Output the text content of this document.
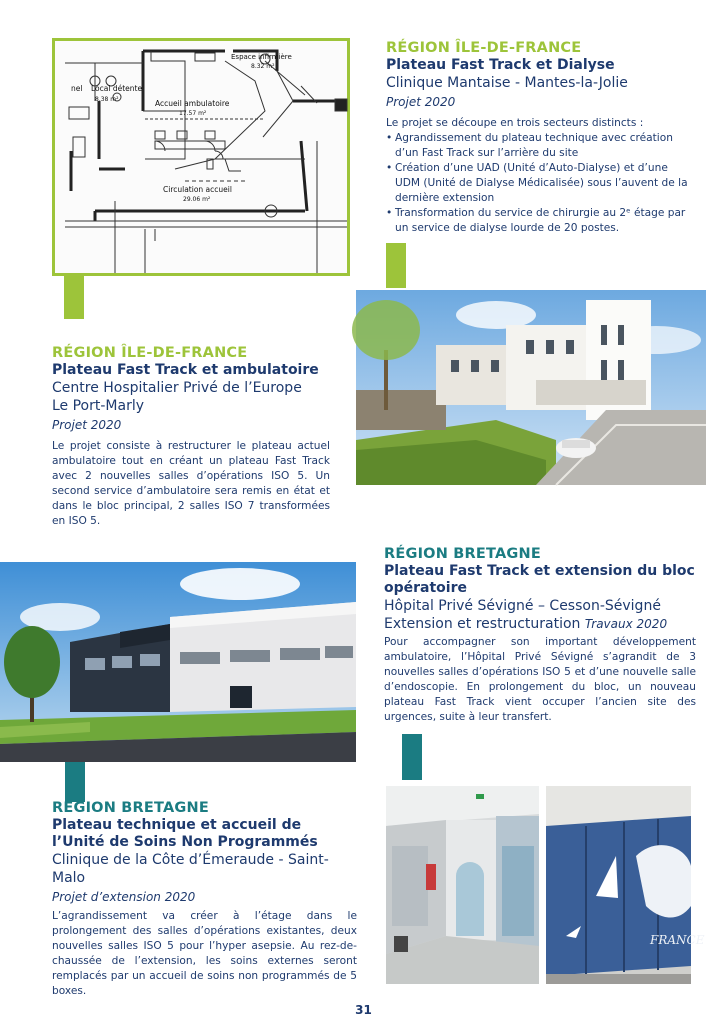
nel Local détente
8.38 m²
Espace infirmière
8.32 m²
Accueil ambulatoire
17.57 m²
Circulation accueil
29.06 m²
RÉGION ÎLE-DE-FRANCE
Plateau Fast Track et Dialyse
Clinique Mantaise - Mantes-la-Jolie
Projet 2020
Le projet se découpe en trois secteurs distincts :
• Agrandissement du plateau technique avec création d’un Fast Track sur l’arrière du site
• Création d’une UAD (Unité d’Auto-Dialyse) et d’une UDM (Unité de Dialyse Médicalisée) sous l’auvent de la dernière extension
• Transformation du service de chirurgie au 2ᵉ étage par un service de dialyse lourde de 20 postes.
RÉGION ÎLE-DE-FRANCE
Plateau Fast Track et ambulatoire
Centre Hospitalier Privé de l’Europe
Le Port-Marly
Projet 2020
Le projet consiste à restructurer le plateau actuel ambulatoire tout en créant un plateau Fast Track avec 2 nouvelles salles d’opérations ISO 5. Un second service d’ambulatoire sera remis en état et dans le bloc principal, 2 salles ISO 7 transformées en ISO 5.
RÉGION BRETAGNE
Plateau Fast Track et extension du bloc opératoire
Hôpital Privé Sévigné – Cesson-Sévigné
Extension et restructuration Travaux 2020
Pour accompagner son important développement ambulatoire, l’Hôpital Privé Sévigné s’agrandit de 3 nouvelles salles d’opérations ISO 5 et d’une nouvelle salle d’endoscopie. En prolongement du bloc, un nouveau plateau Fast Track vient occuper l’ancien site des urgences, suite à leur transfert.
RÉGION BRETAGNE
Plateau technique et accueil de l’Unité de Soins Non Programmés
Clinique de la Côte d’Émeraude - Saint-Malo
Projet d’extension 2020
L’agrandissement va créer à l’étage dans le prolongement des salles d’opérations existantes, deux nouvelles salles ISO 5 pour l’hyper asepsie. Au rez-de-chaussée de l’extension, les soins externes seront remplacés par un accueil de soins non programmés de 5 boxes.
FRANCE
31
